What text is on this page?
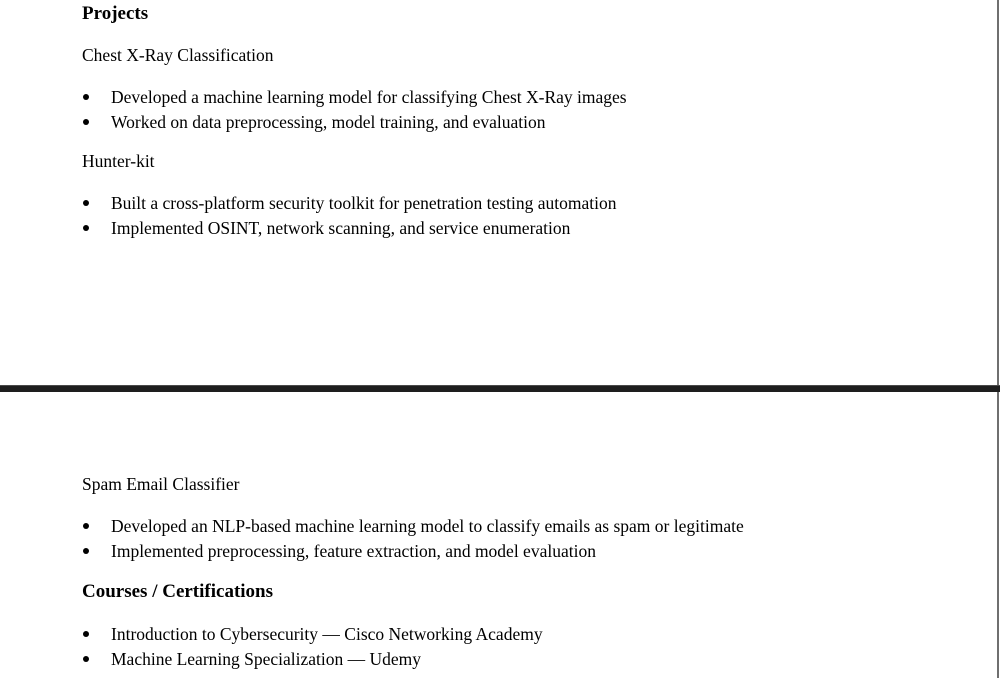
Projects

Chest X-Ray Classification

Developed a machine learning model for classifying Chest X-Ray images
Worked on data preprocessing, model training, and evaluation

Hunter-kit

Built a cross-platform security toolkit for penetration testing automation
Implemented OSINT, network scanning, and service enumeration

Spam Email Classifier

Developed an NLP-based machine learning model to classify emails as spam or legitimate
Implemented preprocessing, feature extraction, and model evaluation
Courses / Certifications
Introduction to Cybersecurity — Cisco Networking Academy
Machine Learning Specialization — Udemy
